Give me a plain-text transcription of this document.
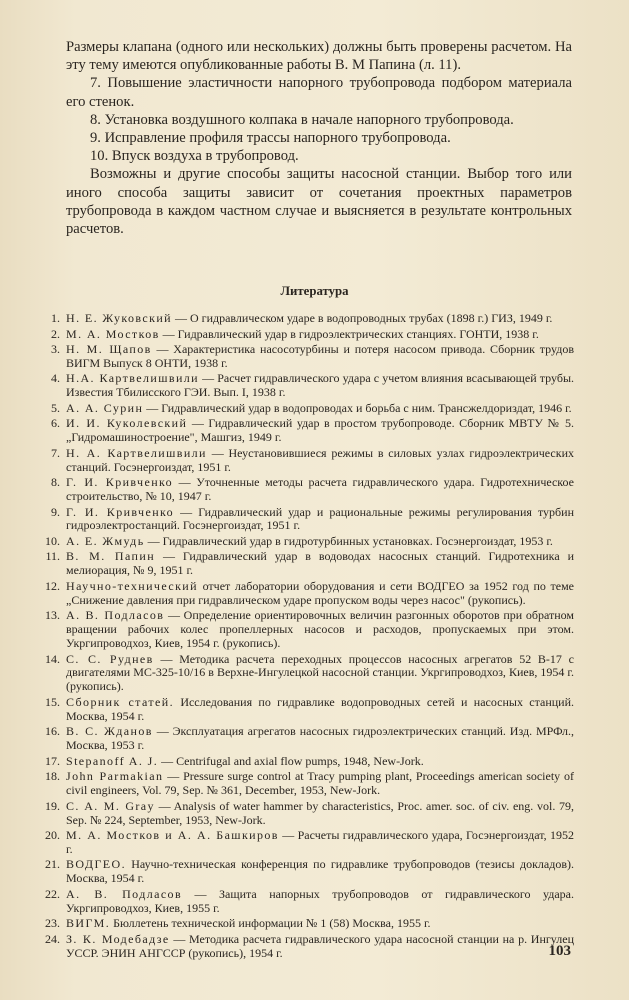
Размеры клапана (одного или нескольких) должны быть проверены расчетом. На эту тему имеются опубликованные работы В. М Папина (л. 11).

7. Повышение эластичности напорного трубопровода подбором материала его стенок.

8. Установка воздушного колпака в начале напорного трубопровода.

9. Исправление профиля трассы напорного трубопровода.

10. Впуск воздуха в трубопровод.

Возможны и другие способы защиты насосной станции. Выбор того или иного способа защиты зависит от сочетания проектных параметров трубопровода в каждом частном случае и выясняется в результате контрольных расчетов.

Литература
1. Н. Е. Жуковский — О гидравлическом ударе в водопроводных трубах (1898 г.) ГИЗ, 1949 г.
2. М. А. Мостков — Гидравлический удар в гидроэлектрических станциях. ГОНТИ, 1938 г.
3. Н. М. Щапов — Характеристика насосотурбины и потеря насосом привода. Сборник трудов ВИГМ Выпуск 8 ОНТИ, 1938 г.
4. Н.А. Картвелишвили — Расчет гидравлического удара с учетом влияния всасывающей трубы. Известия Тбилисского ГЭИ. Вып. I, 1938 г.
5. А. А. Сурин — Гидравлический удар в водопроводах и борьба с ним. Трансжелдориздат, 1946 г.
6. И. И. Куколевский — Гидравлический удар в простом трубопроводе. Сборник МВТУ № 5. „Гидромашиностроение", Машгиз, 1949 г.
7. Н. А. Картвелишвили — Неустановившиеся режимы в силовых узлах гидроэлектрических станций. Госэнергоиздат, 1951 г.
8. Г. И. Кривченко — Уточненные методы расчета гидравлического удара. Гидротехническое строительство, № 10, 1947 г.
9. Г. И. Кривченко — Гидравлический удар и рациональные режимы регулирования турбин гидроэлектростанций. Госэнергоиздат, 1951 г.
10. А. Е. Жмудь — Гидравлический удар в гидротурбинных установках. Госэнергоиздат, 1953 г.
11. В. М. Папин — Гидравлический удар в водоводах насосных станций. Гидротехника и мелиорация, № 9, 1951 г.
12. Научно-технический отчет лаборатории оборудования и сети ВОДГЕО за 1952 год по теме „Снижение давления при гидравлическом ударе пропуском воды через насос" (рукопись).
13. А. В. Подласов — Определение ориентировочных величин разгонных оборотов при обратном вращении рабочих колес пропеллерных насосов и расходов, пропускаемых при этом. Укргипроводхоз, Киев, 1954 г. (рукопись).
14. С. С. Руднев — Методика расчета переходных процессов насосных агрегатов 52 В-17 с двигателями МС-325-10/16 в Верхне-Ингулецкой насосной станции. Укргипроводхоз, Киев, 1954 г. (рукопись).
15. Сборник статей. Исследования по гидравлике водопроводных сетей и насосных станций. Москва, 1954 г.
16. В. С. Жданов — Эксплуатация агрегатов насосных гидроэлектрических станций. Изд. МРФл., Москва, 1953 г.
17. Stepanoff A. J. — Centrifugal and axial flow pumps, 1948, New-Jork.
18. John Parmakian — Pressure surge control at Tracy pumping plant, Proceedings american society of civil engineers, Vol. 79, Sep. № 361, December, 1953, New-Jork.
19. C. A. M. Gray — Analysis of water hammer by characteristics, Proc. amer. soc. of civ. eng. vol. 79, Sep. № 224, September, 1953, New-Jork.
20. М. А. Мостков и А. А. Башкиров — Расчеты гидравлического удара, Госэнергоиздат, 1952 г.
21. ВОДГЕО. Научно-техническая конференция по гидравлике трубопроводов (тезисы докладов). Москва, 1954 г.
22. А. В. Подласов — Защита напорных трубопроводов от гидравлического удара. Укргипроводхоз, Киев, 1955 г.
23. ВИГМ. Бюллетень технической информации № 1 (58) Москва, 1955 г.
24. З. К. Модебадзе — Методика расчета гидравлического удара насосной станции на р. Ингулец УССР. ЭНИН АНГССР (рукопись), 1954 г.	103
